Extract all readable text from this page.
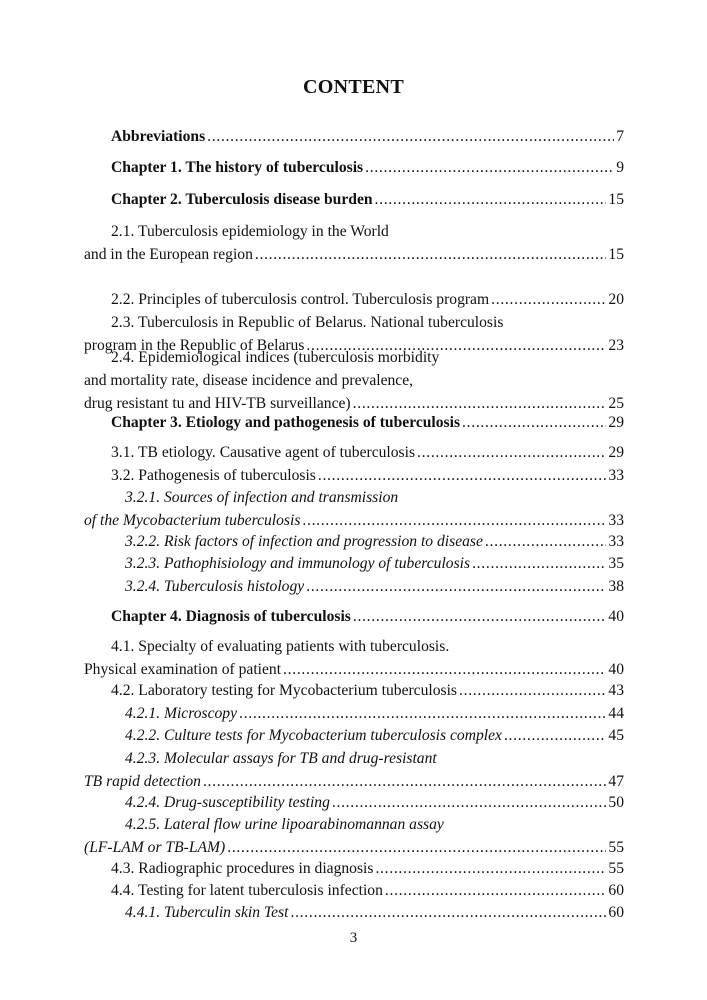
CONTENT
Abbreviations . . .	7
Chapter 1. The history of tuberculosis . . .	9
Chapter 2. Tuberculosis disease burden . . .	15
2.1. Tuberculosis epidemiology in the World
and in the European region . . .	15
2.2. Principles of tuberculosis control. Tuberculosis program . . .	20
2.3. Tuberculosis in Republic of Belarus. National tuberculosis
program in the Republic of Belarus . . .	23
2.4. Epidemiological indices (tuberculosis morbidity
and mortality rate, disease incidence and prevalence,
drug resistant tu and HIV-TB surveillance) . . .	25
Chapter 3. Etiology and pathogenesis of tuberculosis . . .	29
3.1. TB etiology. Causative agent of tuberculosis . . .	29
3.2. Pathogenesis of tuberculosis . . .	33
3.2.1. Sources of infection and transmission
of the Mycobacterium tuberculosis . . .	33
3.2.2. Risk factors of infection and progression to disease . . .	33
3.2.3. Pathophisiology and immunology of tuberculosis . . .	35
3.2.4. Tuberculosis histology . . .	38
Chapter 4. Diagnosis of tuberculosis . . .	40
4.1. Specialty of evaluating patients with tuberculosis.
Physical examination of patient . . .	40
4.2. Laboratory testing for Mycobacterium tuberculosis . . .	43
4.2.1. Microscopy . . .	44
4.2.2. Culture tests for Mycobacterium tuberculosis complex . . .	45
4.2.3. Molecular assays for TB and drug-resistant
TB rapid detection . . .	47
4.2.4. Drug-susceptibility testing . . .	50
4.2.5. Lateral flow urine lipoarabinomannan assay
(LF-LAM or TB-LAM) . . .	55
4.3. Radiographic procedures in diagnosis . . .	55
4.4. Testing for latent tuberculosis infection . . .	60
4.4.1. Tuberculin skin Test . . .	60
3
